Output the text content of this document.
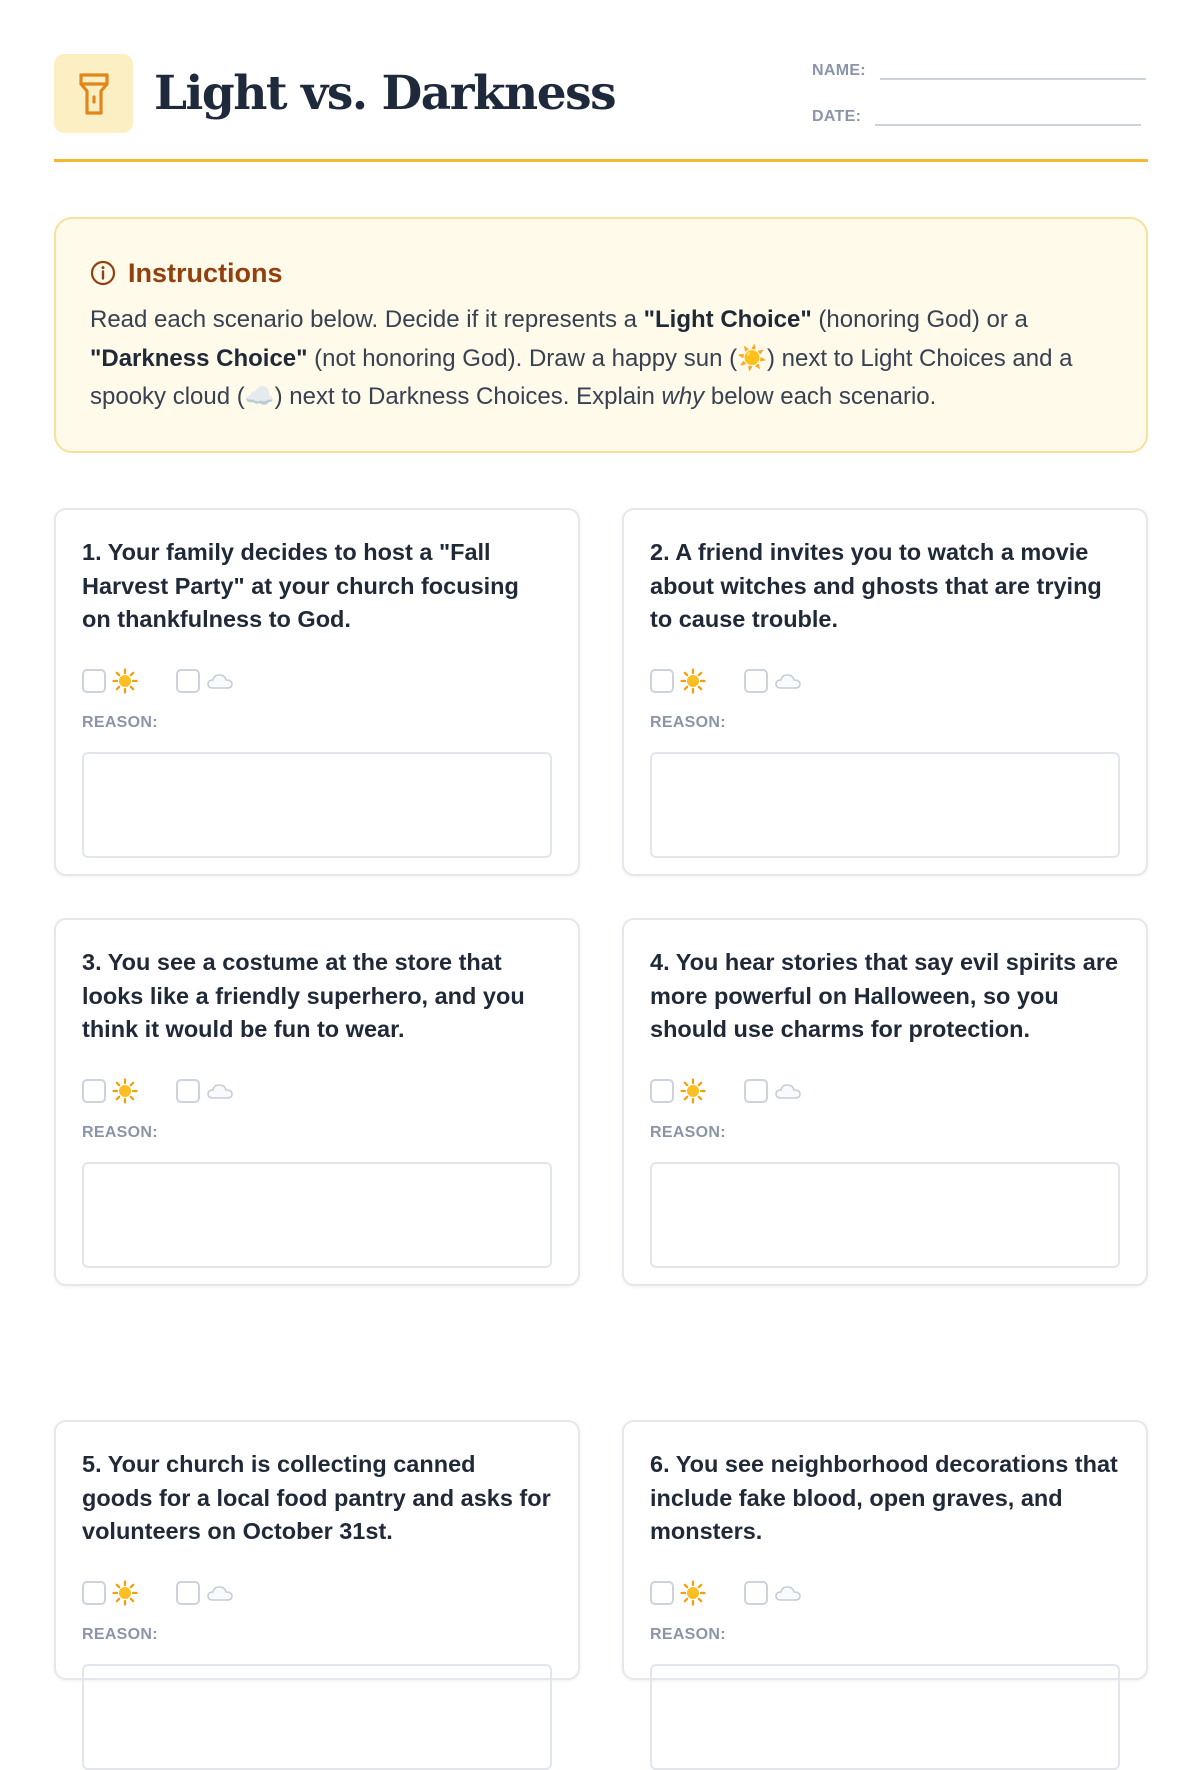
Light vs. Darkness	NAME:
DATE:
Instructions
Read each scenario below. Decide if it represents a "Light Choice" (honoring God) or a "Darkness Choice" (not honoring God). Draw a happy sun (☀️) next to Light Choices and a spooky cloud (☁️) next to Darkness Choices. Explain why below each scenario.
1. Your family decides to host a "Fall Harvest Party" at your church focusing on thankfulness to God.
REASON:
2. A friend invites you to watch a movie about witches and ghosts that are trying to cause trouble.
REASON:
3. You see a costume at the store that looks like a friendly superhero, and you think it would be fun to wear.
REASON:
4. You hear stories that say evil spirits are more powerful on Halloween, so you should use charms for protection.
REASON:
5. Your church is collecting canned goods for a local food pantry and asks for volunteers on October 31st.
REASON:
6. You see neighborhood decorations that include fake blood, open graves, and monsters.
REASON:
